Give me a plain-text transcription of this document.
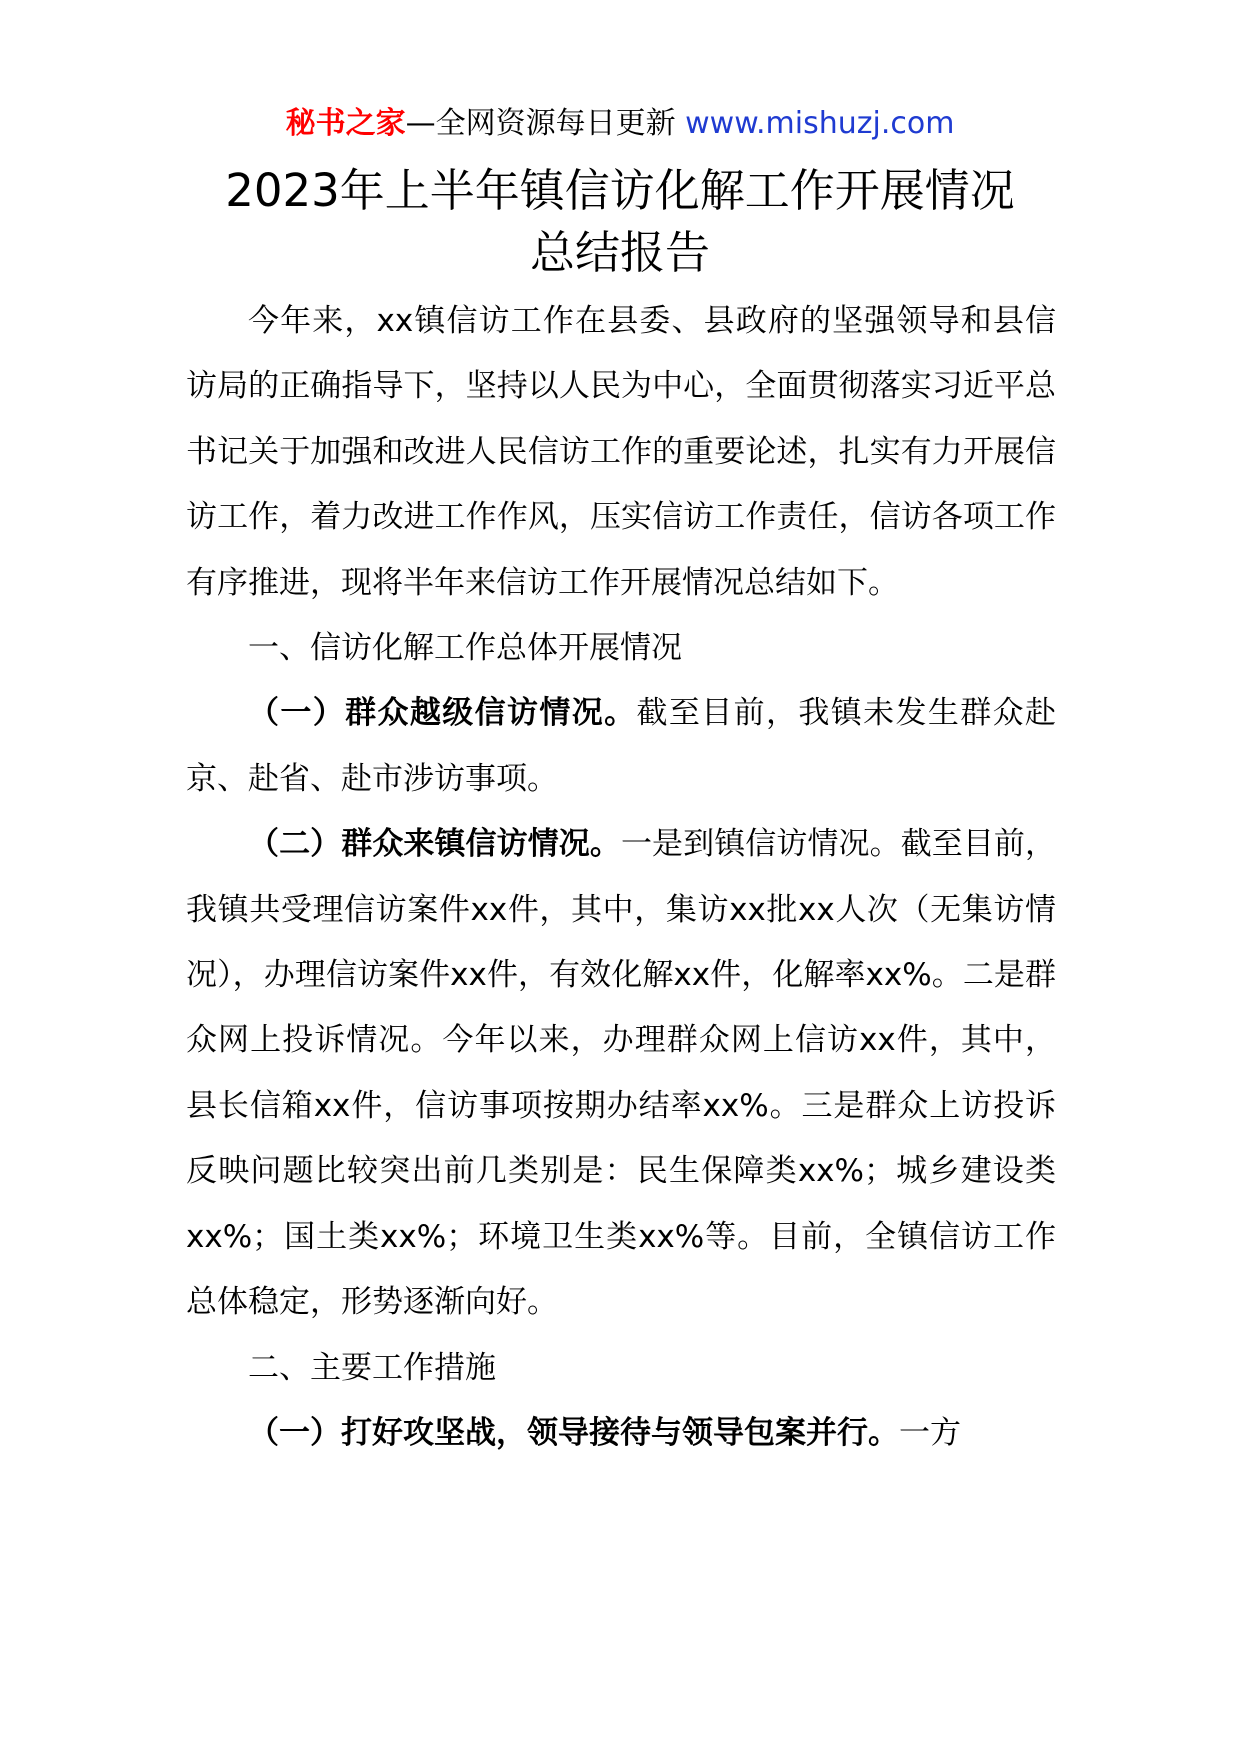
秘书之家—全网资源每日更新 www.mishuzj.com
2023年上半年镇信访化解工作开展情况
总结报告

今年来，xx镇信访工作在县委、县政府的坚强领导和县信访局的正确指导下，坚持以人民为中心，全面贯彻落实习近平总书记关于加强和改进人民信访工作的重要论述，扎实有力开展信访工作，着力改进工作作风，压实信访工作责任，信访各项工作有序推进，现将半年来信访工作开展情况总结如下。

一、信访化解工作总体开展情况

（一）群众越级信访情况。截至目前，我镇未发生群众赴京、赴省、赴市涉访事项。

（二）群众来镇信访情况。一是到镇信访情况。截至目前，我镇共受理信访案件xx件，其中，集访xx批xx人次（无集访情况），办理信访案件xx件，有效化解xx件，化解率xx%。二是群众网上投诉情况。今年以来，办理群众网上信访xx件，其中，县长信箱xx件，信访事项按期办结率xx%。三是群众上访投诉反映问题比较突出前几类别是：民生保障类xx%；城乡建设类xx%；国土类xx%；环境卫生类xx%等。目前，全镇信访工作总体稳定，形势逐渐向好。

二、主要工作措施

（一）打好攻坚战，领导接待与领导包案并行。一方
